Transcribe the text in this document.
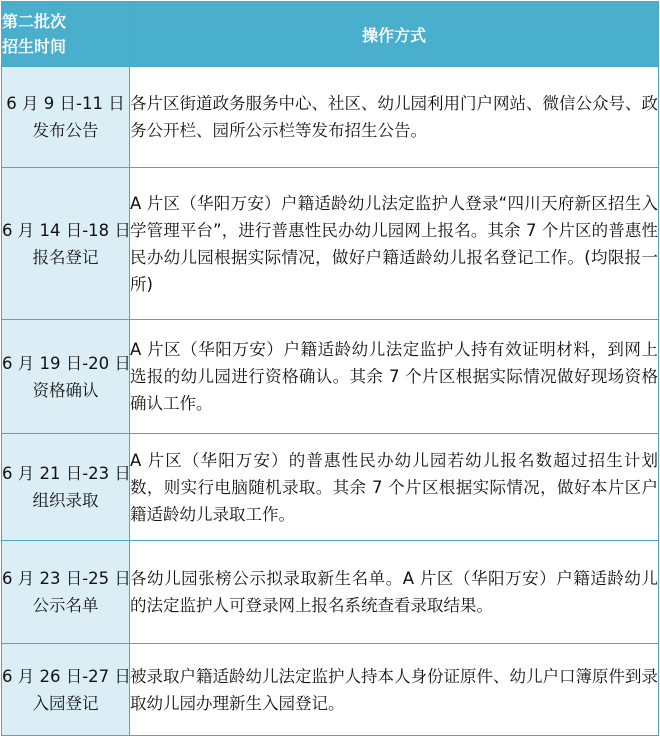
第二批次
招生时间	操作方式

6 月 9 日-11 日
发布公告	各片区街道政务服务中心、社区、幼儿园利用门户网站、微信公众号、政务公开栏、园所公示栏等发布招生公告。

6 月 14 日-18 日
报名登记	A 片区（华阳万安）户籍适龄幼儿法定监护人登录“四川天府新区招生入学管理平台”，进行普惠性民办幼儿园网上报名。其余 7 个片区的普惠性民办幼儿园根据实际情况，做好户籍适龄幼儿报名登记工作。(均限报一所)

6 月 19 日-20 日
资格确认	A 片区（华阳万安）户籍适龄幼儿法定监护人持有效证明材料，到网上选报的幼儿园进行资格确认。其余 7 个片区根据实际情况做好现场资格确认工作。

6 月 21 日-23 日
组织录取	A 片区（华阳万安）的普惠性民办幼儿园若幼儿报名数超过招生计划数，则实行电脑随机录取。其余 7 个片区根据实际情况，做好本片区户籍适龄幼儿录取工作。

6 月 23 日-25 日
公示名单	各幼儿园张榜公示拟录取新生名单。A 片区（华阳万安）户籍适龄幼儿的法定监护人可登录网上报名系统查看录取结果。

6 月 26 日-27 日
入园登记	被录取户籍适龄幼儿法定监护人持本人身份证原件、幼儿户口簿原件到录取幼儿园办理新生入园登记。
